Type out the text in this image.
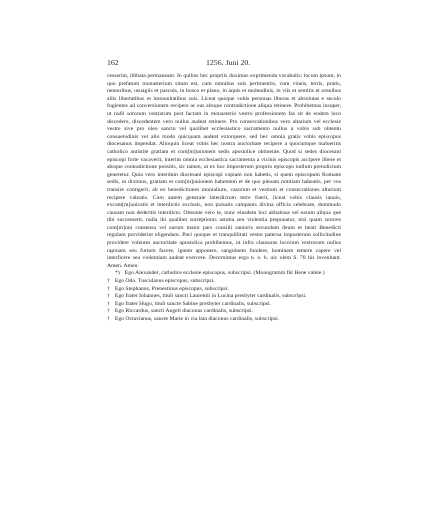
162	1256. Juni 20.

cesserint, illibata permaneant. In quibus hec propriis duximus exprimenda vocabulis: locum ipsum, in quo prefatum monasterium situm est, cum omnibus suis pertinentiis, cum vineis, terris, pratis, nemoribus, usuagiis et pascuis, in bosco et plano, in aquis et molendinis, in viis et semitis et omnibus aliis libertatibus et immunitatibus suis. Liceat quoque vobis personas liberas et absolutas e seculo fugientes ad conversionem recipere ac eas absque contradictione aliqua retinere. Prohibemus insuper, ut nulli sororum vestrarum post factam in monasterio vestro professionem fas sit de eodem loco discedere, discedentem vero nullus audeat retinere. Pro consecrationibus vero altarium vel ecclesie vestre sive pro oleo sancto vel quolibet ecclesiastico sacramento nullus a vobis sub obtentu consuetudinis vel alio modo quicquam audeat extorquere, sed hec omnia gratis vobis episcopus diocesanus impendat. Alioquin liceat vobis hec nostra auctoritate recipere a quocumque malueritis catholico antistite gratiam et com[m]unionem sedis apostolice obtinente. Quod si sedes diocesani episcopi forte vacaverit, interim omnia ecclesiastica sacramenta a vicinis episcopis accipere libere et absque contradictione possitis, sic tamen, ut ex hoc imposterum proprio episcopo nullum preiudicium generetur. Quia vero interdum diocesani episcopi copiam non habetis, si quem episcopum Romane sedis, ut diximus, gratiam et com[m]unionem habentem et de quo plenam notitiam habeatis, per vos transire contigerit, ab eo benedictiones monialium, vasorum et vestium et consecrationes altarium recipere valeatis. Cum autem generale interdictum terre fuerit, liceat vobis clausis ianuis, excom[m]unicatis et interdictis exclusis, non pulsatis campanis divina officia celebrare, dummodo causam non dederitis interdicto. Obeunte vero te, nunc eiusdem loci abbatissa vel earum aliqua que tibi successerit, nulla ibi qualibet surreptionis astutia seu violentia preponatur, nisi quam sorores com[m]uni consensu vel earum maior pars consilii sanioris secundum deum et beati Benedicti regulam providerint eligendam. Paci quoque et tranquillitati vestre paterna imposterum sollicitudine providere volentes auctoritate apostolica prohibemus, ut infra clausuras locorum vestrorum nullus rapinam seu furtum facere, ignem apponere, sanguinem fundere, hominem temere capere vel interficere seu violentiam audeat exercere. Decernimus ergo n. o. h. uic olem S. 78 his invenitant. Amen. Amen.

*) Ego Alexander, catholice ecclesie episcopus, subscripsi. (Monogramm für Bene valete.)

† Ego Odo, Tusculanus episcopus, subscripsi.
† Ego Stephanus, Prenestinus episcopus, subscripsi.
† Ego frater Iohannes, tituli sancti Laurentii in Lucina presbyter cardinalis, subscripsi.
† Ego frater Hugo, tituli sancte Sabine presbyter cardinalis, subscripsi.
† Ego Riccardus, sancti Angeli diaconus cardinalis, subscripsi.
† Ego Octavianus, sancte Marie in via lata diaconus cardinalis, subscripsi.
